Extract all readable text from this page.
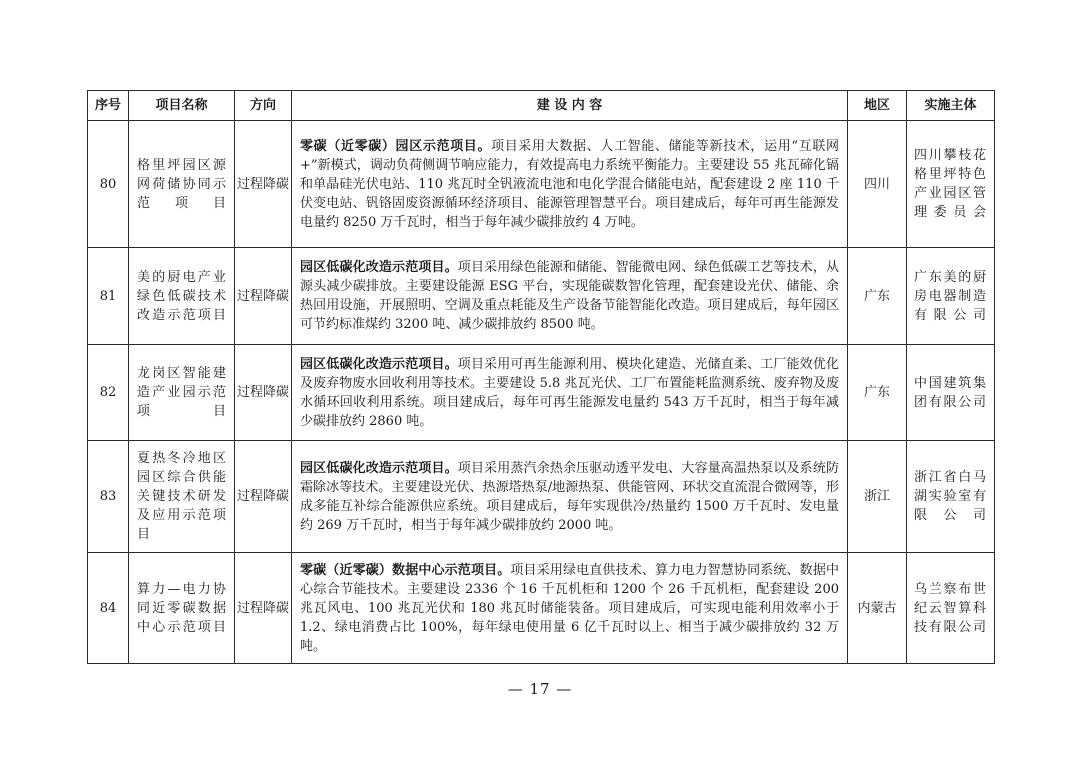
序号	项目名称	方向	建 设 内 容	地区	实施主体
80	格里坪园区源网荷储协同示范项目	过程降碳	零碳（近零碳）园区示范项目。项目采用大数据、人工智能、储能等新技术，运用“互联网+”新模式，调动负荷侧调节响应能力，有效提高电力系统平衡能力。主要建设 55 兆瓦碲化镉和单晶硅光伏电站、110 兆瓦时全钒液流电池和电化学混合储能电站，配套建设 2 座 110 千伏变电站、钒铬固废资源循环经济项目、能源管理智慧平台。项目建成后，每年可再生能源发电量约 8250 万千瓦时，相当于每年减少碳排放约 4 万吨。	四川	四川攀枝花格里坪特色产业园区管理委员会
81	美的厨电产业绿色低碳技术改造示范项目	过程降碳	园区低碳化改造示范项目。项目采用绿色能源和储能、智能微电网、绿色低碳工艺等技术，从源头减少碳排放。主要建设能源 ESG 平台，实现能碳数智化管理，配套建设光伏、储能、余热回用设施，开展照明、空调及重点耗能及生产设备节能智能化改造。项目建成后，每年园区可节约标准煤约 3200 吨、减少碳排放约 8500 吨。	广东	广东美的厨房电器制造有限公司
82	龙岗区智能建造产业园示范项目	过程降碳	园区低碳化改造示范项目。项目采用可再生能源利用、模块化建造、光储直柔、工厂能效优化及废弃物废水回收利用等技术。主要建设 5.8 兆瓦光伏、工厂布置能耗监测系统、废弃物及废水循环回收利用系统。项目建成后，每年可再生能源发电量约 543 万千瓦时，相当于每年减少碳排放约 2860 吨。	广东	中国建筑集团有限公司
83	夏热冬冷地区园区综合供能关键技术研发及应用示范项目	过程降碳	园区低碳化改造示范项目。项目采用蒸汽余热余压驱动透平发电、大容量高温热泵以及系统防霜除冰等技术。主要建设光伏、热源塔热泵/地源热泵、供能管网、环状交直流混合微网等，形成多能互补综合能源供应系统。项目建成后，每年实现供冷/热量约 1500 万千瓦时、发电量约 269 万千瓦时，相当于每年减少碳排放约 2000 吨。	浙江	浙江省白马湖实验室有限公司
84	算力—电力协同近零碳数据中心示范项目	过程降碳	零碳（近零碳）数据中心示范项目。项目采用绿电直供技术、算力电力智慧协同系统、数据中心综合节能技术。主要建设 2336 个 16 千瓦机柜和 1200 个 26 千瓦机柜，配套建设 200 兆瓦风电、100 兆瓦光伏和 180 兆瓦时储能装备。项目建成后，可实现电能利用效率小于 1.2、绿电消费占比 100%，每年绿电使用量 6 亿千瓦时以上、相当于减少碳排放约 32 万吨。	内蒙古	乌兰察布世纪云智算科技有限公司
— 17 —
